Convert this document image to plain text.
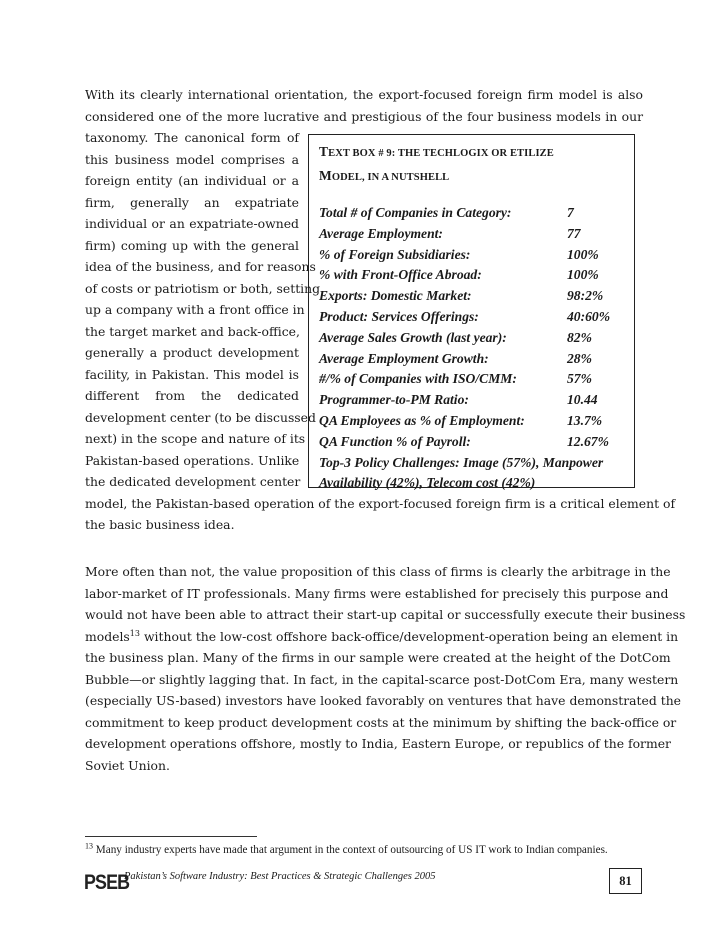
With its clearly international orientation, the export-focused foreign firm model is also
considered one of the more lucrative and prestigious of the four business models in our
taxonomy. The canonical form of
this business model comprises a
foreign entity (an individual or a
firm, generally an expatriate
individual or an expatriate-owned
firm) coming up with the general
idea of the business, and for reasons
of costs or patriotism or both, setting
up a company with a front office in
the target market and back-office,
generally a product development
facility, in Pakistan. This model is
different from the dedicated
development center (to be discussed
next) in the scope and nature of its
Pakistan-based operations. Unlike
the dedicated development center
model, the Pakistan-based operation of the export-focused foreign firm is a critical element of
the basic business idea.
TEXT BOX # 9: THE TECHLOGIX OR ETILIZE
MODEL, IN A NUTSHELL
Total # of Companies in Category:	7
Average Employment:	77
% of Foreign Subsidiaries:	100%
% with Front-Office Abroad:	100%
Exports: Domestic Market:	98:2%
Product: Services Offerings:	40:60%
Average Sales Growth (last year):	82%
Average Employment Growth:	28%
#/% of Companies with ISO/CMM:	57%
Programmer-to-PM Ratio:	10.44
QA Employees as % of Employment:	13.7%
QA Function % of Payroll:	12.67%

Top-3 Policy Challenges: Image (57%), Manpower Availability (42%), Telecom cost (42%)

More often than not, the value proposition of this class of firms is clearly the arbitrage in the
labor-market of IT professionals. Many firms were established for precisely this purpose and
would not have been able to attract their start-up capital or successfully execute their business
models$^{13}$ without the low-cost offshore back-office/development-operation being an element in
the business plan. Many of the firms in our sample were created at the height of the DotCom
Bubble—or slightly lagging that. In fact, in the capital-scarce post-DotCom Era, many western
(especially US-based) investors have looked favorably on ventures that have demonstrated the
commitment to keep product development costs at the minimum by shifting the back-office or
development operations offshore, mostly to India, Eastern Europe, or republics of the former
Soviet Union.
$^{13}$ Many industry experts have made that argument in the context of outsourcing of US IT work to Indian companies.
PSEB
Pakistan’s Software Industry: Best Practices & Strategic Challenges 2005	81
